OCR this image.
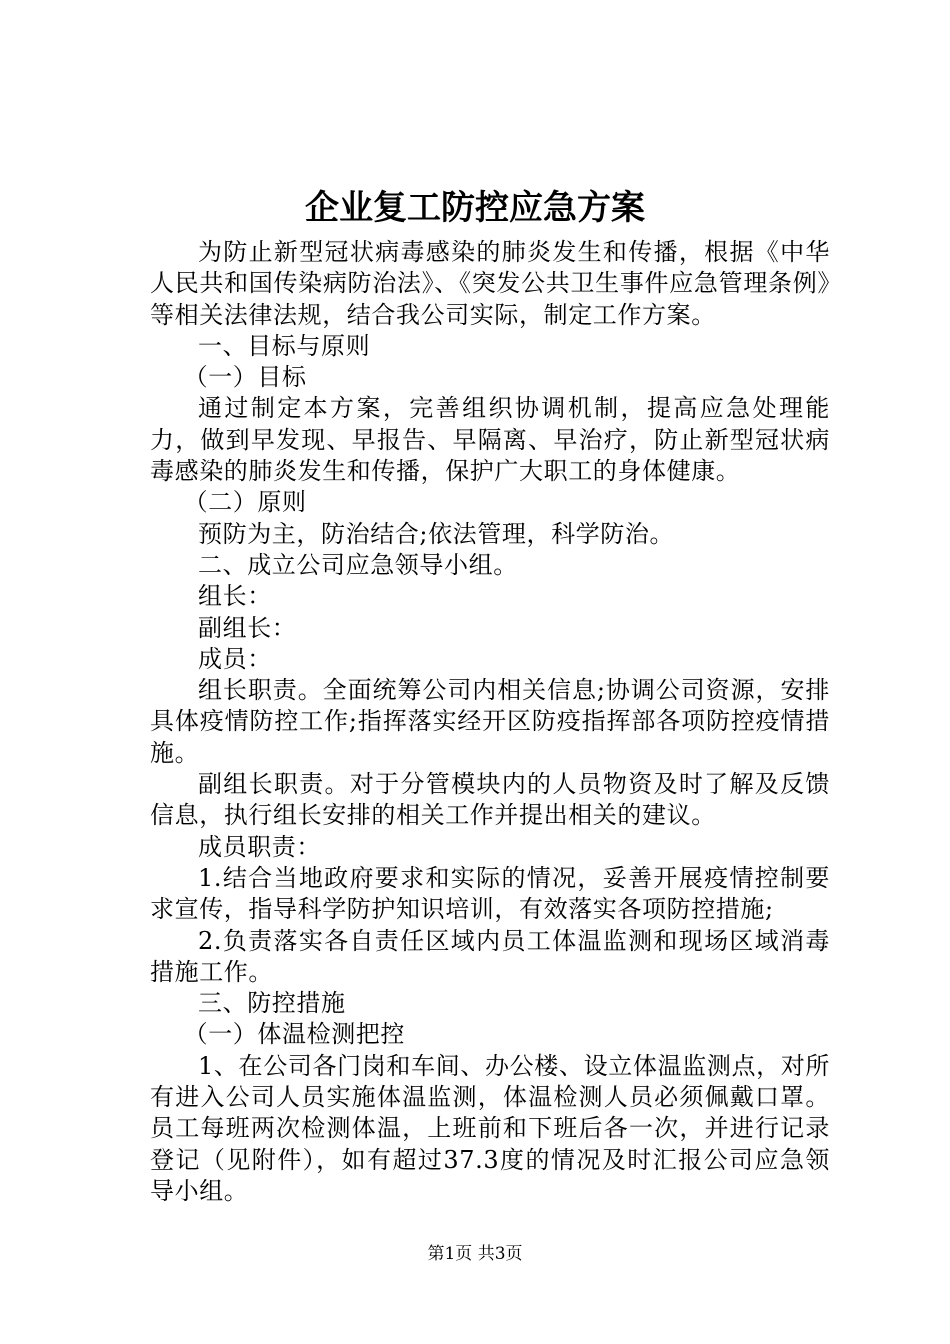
企业复工防控应急方案

为防止新型冠状病毒感染的肺炎发生和传播，根据《中华人民共和国传染病防治法》、《突发公共卫生事件应急管理条例》等相关法律法规，结合我公司实际，制定工作方案。

一、目标与原则

（一）目标

通过制定本方案，完善组织协调机制，提高应急处理能力，做到早发现、早报告、早隔离、早治疗，防止新型冠状病毒感染的肺炎发生和传播，保护广大职工的身体健康。

（二）原则

预防为主，防治结合;依法管理，科学防治。

二、成立公司应急领导小组。

组长：

副组长：

成员：

组长职责。全面统筹公司内相关信息;协调公司资源，安排具体疫情防控工作;指挥落实经开区防疫指挥部各项防控疫情措施。

副组长职责。对于分管模块内的人员物资及时了解及反馈信息，执行组长安排的相关工作并提出相关的建议。

成员职责：

1.结合当地政府要求和实际的情况，妥善开展疫情控制要求宣传，指导科学防护知识培训，有效落实各项防控措施;

2.负责落实各自责任区域内员工体温监测和现场区域消毒措施工作。

三、防控措施

（一）体温检测把控

1、在公司各门岗和车间、办公楼、设立体温监测点，对所有进入公司人员实施体温监测，体温检测人员必须佩戴口罩。员工每班两次检测体温，上班前和下班后各一次，并进行记录登记（见附件），如有超过37.3度的情况及时汇报公司应急领导小组。

第1页 共3页
